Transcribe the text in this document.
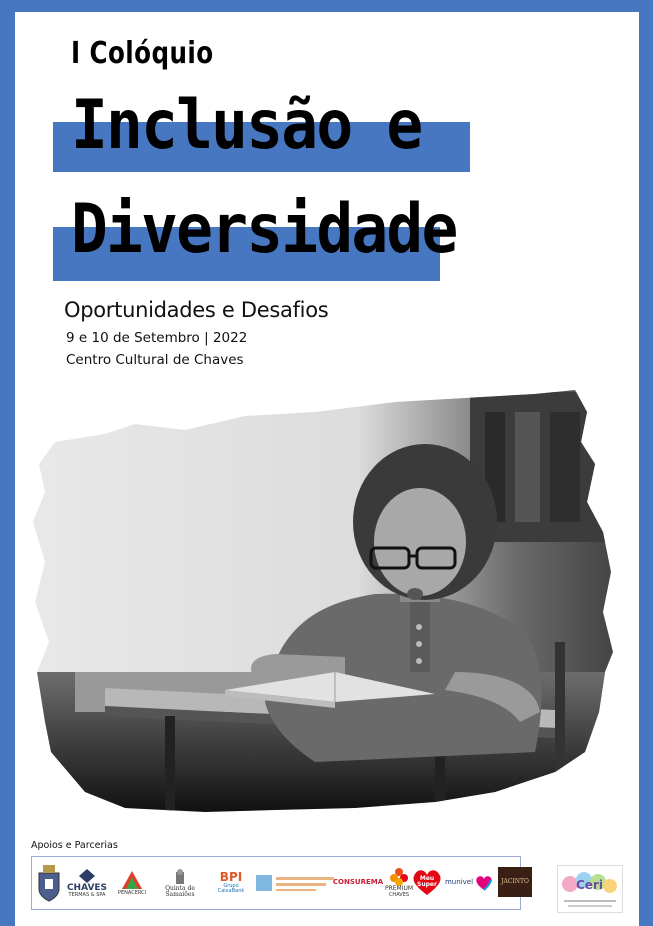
I Colóquio
Inclusão e
Diversidade
Oportunidades e Desafios
9 e 10 de Setembro | 2022
Centro Cultural de Chaves
Apoios e Parcerias
CHAVES
TERMAS & SPA PENACERCI
Quinta de Samaiões
BPI
Grupo CaixaBank
CONSUREMA
PREMIUM
CHAVES
Meu Super	munivel	JACINTO	Ceri
